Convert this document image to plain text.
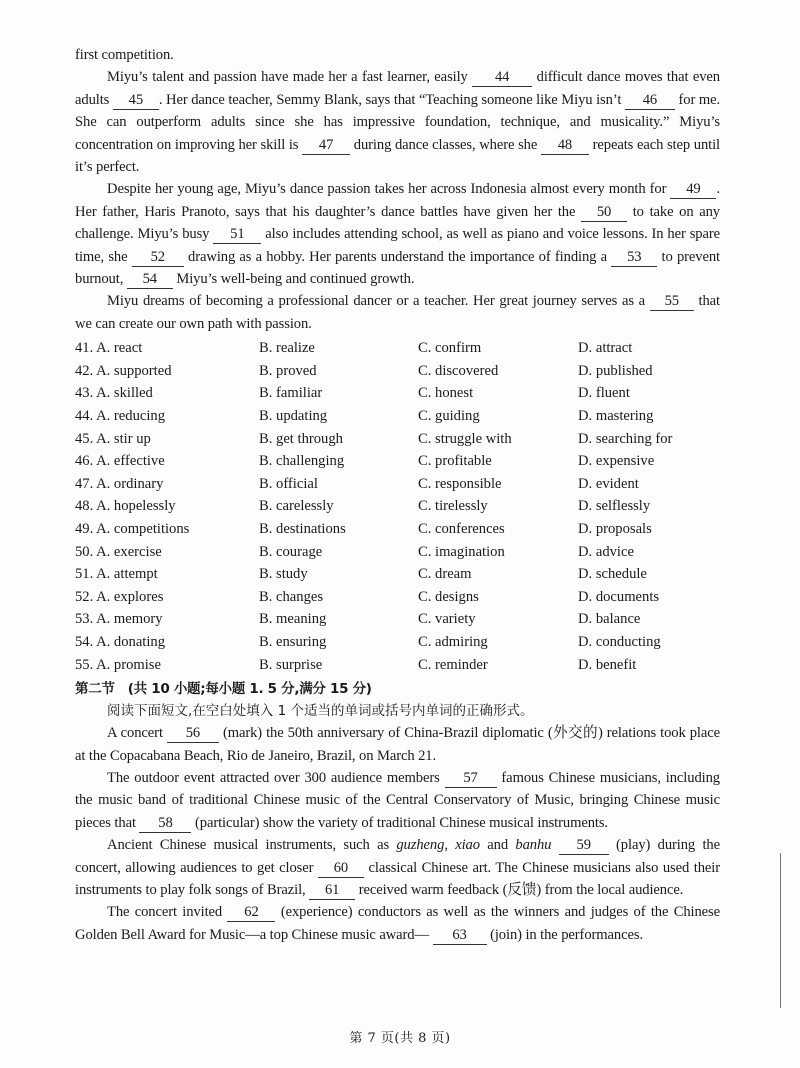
first competition.

Miyu’s talent and passion have made her a fast learner, easily 44 difficult dance moves that even adults 45 . Her dance teacher, Semmy Blank, says that “Teaching someone like Miyu isn’t 46 for me. She can outperform adults since she has impressive foundation, technique, and musicality.” Miyu’s concentration on improving her skill is 47 during dance classes, where she 48 repeats each step until it’s perfect.

Despite her young age, Miyu’s dance passion takes her across Indonesia almost every month for 49 . Her father, Haris Pranoto, says that his daughter’s dance battles have given her the 50 to take on any challenge. Miyu’s busy 51 also includes attending school, as well as piano and voice lessons. In her spare time, she 52 drawing as a hobby. Her parents understand the importance of finding a 53 to prevent burnout, 54 Miyu’s well-being and continued growth.

Miyu dreams of becoming a professional dancer or a teacher. Her great journey serves as a 55 that we can create our own path with passion.

41. A. react	B. realize	C. confirm	D. attract
42. A. supported	B. proved	C. discovered	D. published
43. A. skilled	B. familiar	C. honest	D. fluent
44. A. reducing	B. updating	C. guiding	D. mastering
45. A. stir up	B. get through	C. struggle with	D. searching for
46. A. effective	B. challenging	C. profitable	D. expensive
47. A. ordinary	B. official	C. responsible	D. evident
48. A. hopelessly	B. carelessly	C. tirelessly	D. selflessly
49. A. competitions	B. destinations	C. conferences	D. proposals
50. A. exercise	B. courage	C. imagination	D. advice
51. A. attempt	B. study	C. dream	D. schedule
52. A. explores	B. changes	C. designs	D. documents
53. A. memory	B. meaning	C. variety	D. balance
54. A. donating	B. ensuring	C. admiring	D. conducting
55. A. promise	B. surprise	C. reminder	D. benefit
第二节　(共 10 小题;每小题 1. 5 分,满分 15 分)
阅读下面短文,在空白处填入 1 个适当的单词或括号内单词的正确形式。

A concert 56 (mark) the 50th anniversary of China-Brazil diplomatic (外交的) relations took place at the Copacabana Beach, Rio de Janeiro, Brazil, on March 21.

The outdoor event attracted over 300 audience members 57 famous Chinese musicians, including the music band of traditional Chinese music of the Central Conservatory of Music, bringing Chinese music pieces that 58 (particular) show the variety of traditional Chinese musical instruments.

Ancient Chinese musical instruments, such as guzheng, xiao and banhu 59 (play) during the concert, allowing audiences to get closer 60 classical Chinese art. The Chinese musicians also used their instruments to play folk songs of Brazil, 61 received warm feedback (反馈) from the local audience.

The concert invited 62 (experience) conductors as well as the winners and judges of the Chinese Golden Bell Award for Music—a top Chinese music award— 63 (join) in the performances.

第 7 页(共 8 页)
